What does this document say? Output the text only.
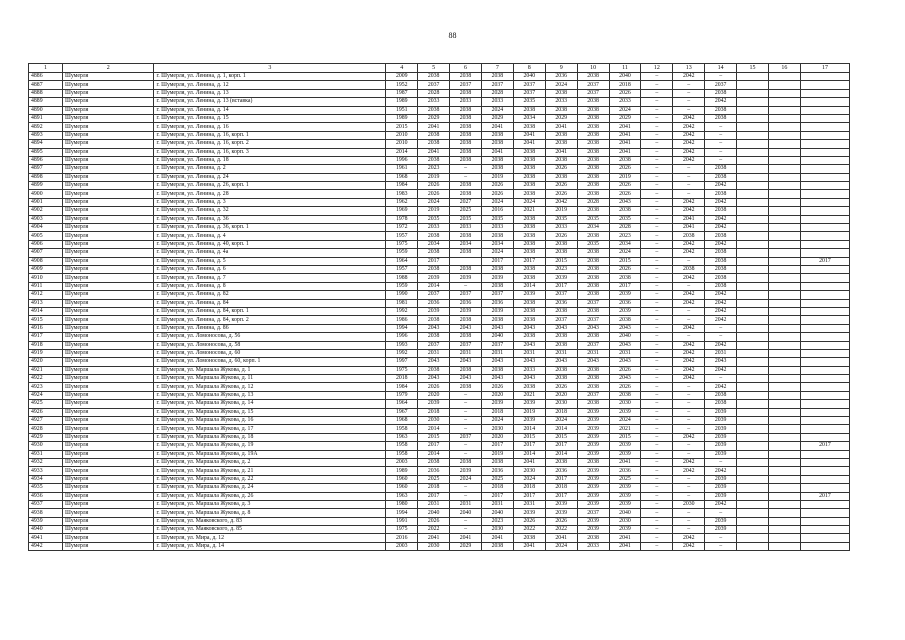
88
1	2	3	4	5	6	7	8	9	10	11	12	13	14	15	16	17
4886	Шумерля	г. Шумерля, ул. Ленина, д. 1, корп. 1	2009	2038	2038	2038	2040	2036	2038	2040	–	2042	–			
4887	Шумерля	г. Шумерля, ул. Ленина, д. 12	1952	2037	2037	2037	2037	2024	2037	2018	–	–	2037			
4888	Шумерля	г. Шумерля, ул. Ленина, д. 13	1987	2028	2038	2028	2037	2038	2037	2026	–	–	2038			
4889	Шумерля	г. Шумерля, ул. Ленина, д. 13 (вставка)	1989	2033	2033	2033	2035	2033	2038	2033	–	–	2042			
4890	Шумерля	г. Шумерля, ул. Ленина, д. 14	1951	2038	2038	2024	2038	2038	2038	2024	–	–	2038			
4891	Шумерля	г. Шумерля, ул. Ленина, д. 15	1989	2029	2038	2029	2034	2029	2038	2029	–	2042	2038			
4892	Шумерля	г. Шумерля, ул. Ленина, д. 16	2015	2041	2038	2041	2038	2041	2038	2041	–	2042	–			
4893	Шумерля	г. Шумерля, ул. Ленина, д. 16, корп. 1	2010	2038	2038	2038	2041	2038	2038	2041	–	2042	–			
4894	Шумерля	г. Шумерля, ул. Ленина, д. 16, корп. 2	2010	2038	2038	2038	2041	2038	2038	2041	–	2042	–			
4895	Шумерля	г. Шумерля, ул. Ленина, д. 16, корп. 3	2014	2041	2038	2041	2038	2041	2038	2041	–	2042	–			
4896	Шумерля	г. Шумерля, ул. Ленина, д. 18	1996	2038	2038	2038	2038	2038	2038	2038	–	2042	–			
4897	Шумерля	г. Шумерля, ул. Ленина, д. 2	1961	2023	–	2038	2038	2026	2038	2026	–	–	2038			
4898	Шумерля	г. Шумерля, ул. Ленина, д. 24	1968	2019	–	2019	2038	2038	2038	2019	–	–	2038			
4899	Шумерля	г. Шумерля, ул. Ленина, д. 26, корп. 1	1984	2026	2038	2026	2038	2026	2038	2026	–	–	2042			
4900	Шумерля	г. Шумерля, ул. Ленина, д. 28	1983	2026	2038	2026	2038	2026	2038	2026	–	–	2038			
4901	Шумерля	г. Шумерля, ул. Ленина, д. 3	1962	2024	2027	2024	2024	2042	2028	2043	–	2042	2042			
4902	Шумерля	г. Шумерля, ул. Ленина, д. 32	1969	2019	2025	2016	2021	2019	2038	2038	–	2042	2038			
4903	Шумерля	г. Шумерля, ул. Ленина, д. 36	1978	2035	2035	2035	2038	2035	2035	2035	–	2041	2042			
4904	Шумерля	г. Шумерля, ул. Ленина, д. 36, корп. 1	1972	2033	2033	2033	2038	2033	2034	2028	–	2041	2042			
4905	Шумерля	г. Шумерля, ул. Ленина, д. 4	1957	2038	2038	2038	2038	2026	2038	2023	–	2038	2038			
4906	Шумерля	г. Шумерля, ул. Ленина, д. 40, корп. 1	1975	2034	2034	2034	2038	2038	2035	2034	–	2042	2042			
4907	Шумерля	г. Шумерля, ул. Ленина, д. 4а	1959	2038	2038	2024	2038	2038	2038	2024	–	2042	2038			
4908	Шумерля	г. Шумерля, ул. Ленина, д. 5	1964	2017		2017	2017	2015	2038	2015	–	–	2038			2017
4909	Шумерля	г. Шумерля, ул. Ленина, д. 6	1957	2038	2038	2038	2038	2023	2038	2026	–	2038	2038			
4910	Шумерля	г. Шумерля, ул. Ленина, д. 7	1988	2039	2039	2039	2038	2039	2038	2038	–	2042	2038			
4911	Шумерля	г. Шумерля, ул. Ленина, д. 8	1959	2014	–	2038	2014	2017	2038	2017	–	–	2038			
4912	Шумерля	г. Шумерля, ул. Ленина, д. 82	1990	2037	2037	2037	2039	2037	2038	2039	–	2042	2042			
4913	Шумерля	г. Шумерля, ул. Ленина, д. 84	1981	2036	2036	2036	2038	2036	2037	2036	–	2042	2042			
4914	Шумерля	г. Шумерля, ул. Ленина, д. 84, корп. 1	1992	2039	2039	2039	2038	2038	2038	2039	–	–	2042			
4915	Шумерля	г. Шумерля, ул. Ленина, д. 84, корп. 2	1986	2038	2038	2038	2038	2037	2037	2038	–	–	2042			
4916	Шумерля	г. Шумерля, ул. Ленина, д. 86	1994	2043	2043	2043	2043	2043	2043	2043	–	2042	–			
4917	Шумерля	г. Шумерля, ул. Ломоносова, д. 56	1996	2038	2038	2040	2038	2038	2038	2040	–	–	–			
4918	Шумерля	г. Шумерля, ул. Ломоносова, д. 58	1993	2037	2037	2037	2043	2038	2037	2043	–	2042	2042			
4919	Шумерля	г. Шумерля, ул. Ломоносова, д. 60	1992	2031	2031	2031	2031	2031	2031	2031	–	2042	2031			
4920	Шумерля	г. Шумерля, ул. Ломоносова, д. 60, корп. 1	1997	2043	2043	2043	2043	2043	2043	2043	–	2042	2043			
4921	Шумерля	г. Шумерля, ул. Маршала Жукова, д. 1	1975	2038	2038	2038	2033	2038	2038	2026	–	2042	2042			
4922	Шумерля	г. Шумерля, ул. Маршала Жукова, д. 11	2018	2043	2043	2043	2043	2038	2038	2043	–	2042	–			
4923	Шумерля	г. Шумерля, ул. Маршала Жукова, д. 12	1984	2026	2038	2026	2038	2026	2038	2026	–	–	2042			
4924	Шумерля	г. Шумерля, ул. Маршала Жукова, д. 13	1979	2020	–	2020	2021	2020	2037	2038	–	–	2038			
4925	Шумерля	г. Шумерля, ул. Маршала Жукова, д. 14	1964	2039	–	2039	2039	2030	2038	2030	–	–	2038			
4926	Шумерля	г. Шумерля, ул. Маршала Жукова, д. 15	1967	2018	–	2018	2019	2018	2039	2039	–	–	2039			
4927	Шумерля	г. Шумерля, ул. Маршала Жукова, д. 16	1968	2030	–	2024	2039	2024	2039	2024	–	–	2039			
4928	Шумерля	г. Шумерля, ул. Маршала Жукова, д. 17	1958	2014	–	2030	2014	2014	2039	2021	–	–	2039			
4929	Шумерля	г. Шумерля, ул. Маршала Жукова, д. 18	1963	2015	2037	2020	2015	2015	2039	2015	–	2042	2039			
4930	Шумерля	г. Шумерля, ул. Маршала Жукова, д. 19	1958	2017	–	2017	2017	2017	2039	2039	–	–	2039			2017
4931	Шумерля	г. Шумерля, ул. Маршала Жукова, д. 19А	1958	2014	–	2019	2014	2014	2039	2039	–	–	2039			
4932	Шумерля	г. Шумерля, ул. Маршала Жукова, д. 2	2003	2038	2038	2038	2041	2038	2038	2041	–	2042	–			
4933	Шумерля	г. Шумерля, ул. Маршала Жукова, д. 21	1989	2036	2039	2036	2030	2036	2039	2036	–	2042	2042			
4934	Шумерля	г. Шумерля, ул. Маршала Жукова, д. 22	1960	2025	2024	2025	2024	2017	2039	2025	–	–	2039			
4935	Шумерля	г. Шумерля, ул. Маршала Жукова, д. 24	1960	2018	–	2018	2018	2018	2039	2039	–	–	2039			
4936	Шумерля	г. Шумерля, ул. Маршала Жукова, д. 26	1963	2017	–	2017	2017	2017	2039	2039	–	–	2039			2017
4937	Шумерля	г. Шумерля, ул. Маршала Жукова, д. 3	1980	2031	2031	2031	2031	2039	2039	2039	–	2030	2042			
4938	Шумерля	г. Шумерля, ул. Маршала Жукова, д. 8	1994	2040	2040	2040	2039	2039	2037	2040	–	–	–			
4939	Шумерля	г. Шумерля, ул. Маяковского, д. 83	1991	2026	–	2023	2026	2026	2039	2030	–	–	2039			
4940	Шумерля	г. Шумерля, ул. Маяковского, д. 85	1975	2022	–	2030	2022	2022	2039	2039	–	–	2039			
4941	Шумерля	г. Шумерля, ул. Мира, д. 12	2016	2041	2041	2041	2038	2041	2038	2041	–	2042	–			
4942	Шумерля	г. Шумерля, ул. Мира, д. 14	2003	2030	2029	2038	2041	2024	2033	2041	–	2042	–			
